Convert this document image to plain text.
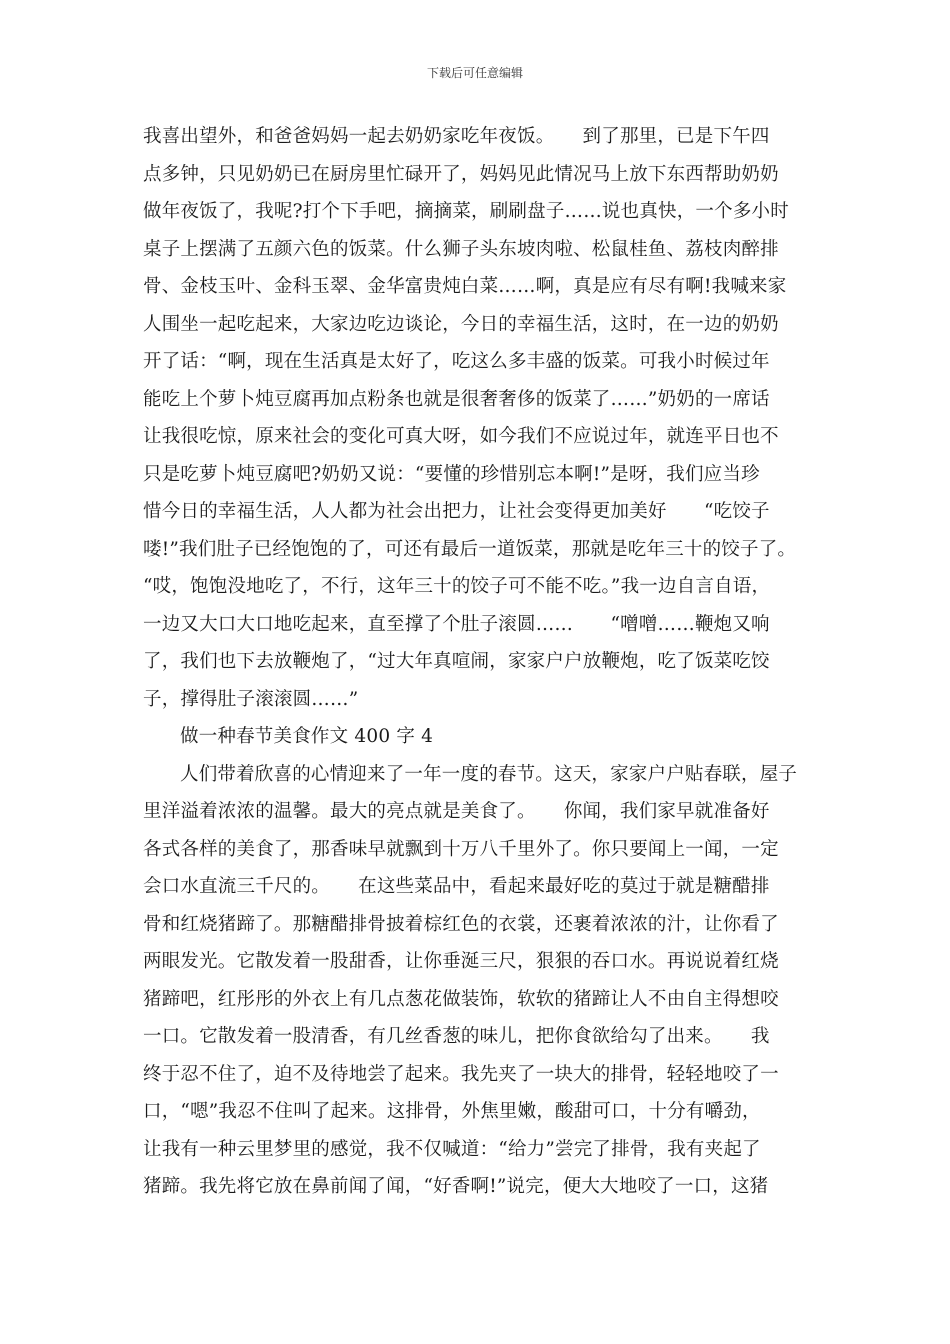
下载后可任意编辑
我喜出望外，和爸爸妈妈一起去奶奶家吃年夜饭。　　到了那里，已是下午四
点多钟，只见奶奶已在厨房里忙碌开了，妈妈见此情况马上放下东西帮助奶奶
做年夜饭了，我呢?打个下手吧，摘摘菜，刷刷盘子……说也真快，一个多小时
桌子上摆满了五颜六色的饭菜。什么狮子头东坡肉啦、松鼠桂鱼、荔枝肉醉排
骨、金枝玉叶、金科玉翠、金华富贵炖白菜……啊，真是应有尽有啊!我喊来家
人围坐一起吃起来，大家边吃边谈论，今日的幸福生活，这时，在一边的奶奶
开了话：“啊，现在生活真是太好了，吃这么多丰盛的饭菜。可我小时候过年
能吃上个萝卜炖豆腐再加点粉条也就是很奢奢侈的饭菜了……”奶奶的一席话
让我很吃惊，原来社会的变化可真大呀，如今我们不应说过年，就连平日也不
只是吃萝卜炖豆腐吧?奶奶又说：“要懂的珍惜别忘本啊!”是呀，我们应当珍
惜今日的幸福生活，人人都为社会出把力，让社会变得更加美好　　“吃饺子
喽!”我们肚子已经饱饱的了，可还有最后一道饭菜，那就是吃年三十的饺子了。
“哎，饱饱没地吃了，不行，这年三十的饺子可不能不吃。”我一边自言自语，
一边又大口大口地吃起来，直至撑了个肚子滚圆……　　“噌噌……鞭炮又响
了，我们也下去放鞭炮了，“过大年真喧闹，家家户户放鞭炮，吃了饭菜吃饺
子，撑得肚子滚滚圆……”
做一种春节美食作文 400 字 4
人们带着欣喜的心情迎来了一年一度的春节。这天，家家户户贴春联，屋子
里洋溢着浓浓的温馨。最大的亮点就是美食了。　　你闻，我们家早就准备好
各式各样的美食了，那香味早就飘到十万八千里外了。你只要闻上一闻，一定
会口水直流三千尺的。　　在这些菜品中，看起来最好吃的莫过于就是糖醋排
骨和红烧猪蹄了。那糖醋排骨披着棕红色的衣裳，还裹着浓浓的汁，让你看了
两眼发光。它散发着一股甜香，让你垂涎三尺，狠狠的吞口水。再说说着红烧
猪蹄吧，红彤彤的外衣上有几点葱花做装饰，软软的猪蹄让人不由自主得想咬
一口。它散发着一股清香，有几丝香葱的味儿，把你食欲给勾了出来。　　我
终于忍不住了，迫不及待地尝了起来。我先夹了一块大的排骨，轻轻地咬了一
口，“嗯”我忍不住叫了起来。这排骨，外焦里嫩，酸甜可口，十分有嚼劲，
让我有一种云里梦里的感觉，我不仅喊道：“给力”尝完了排骨，我有夹起了
猪蹄。我先将它放在鼻前闻了闻，“好香啊!”说完，便大大地咬了一口，这猪
